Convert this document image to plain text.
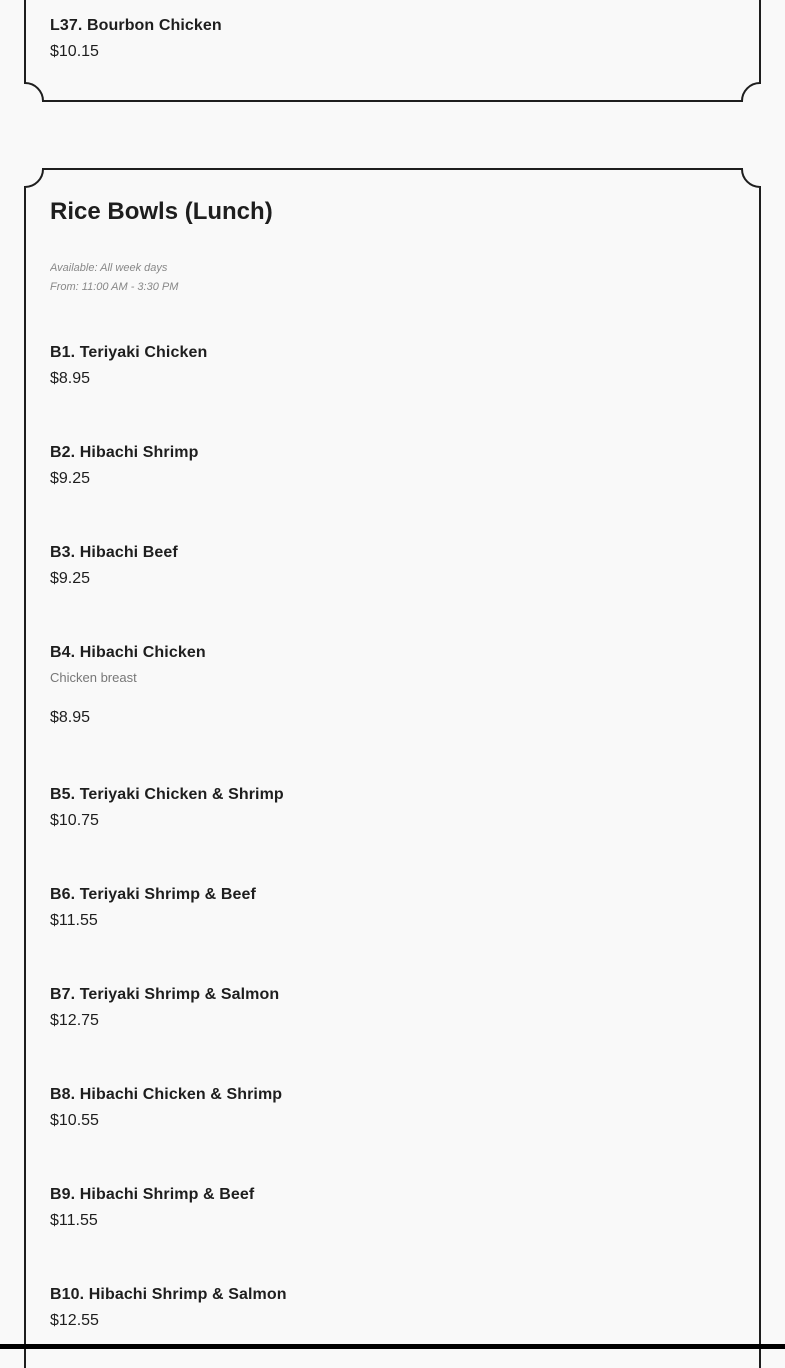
L37. Bourbon Chicken
$10.15
Rice Bowls (Lunch)
Available: All week days
From: 11:00 AM - 3:30 PM
B1. Teriyaki Chicken
$8.95
B2. Hibachi Shrimp
$9.25
B3. Hibachi Beef
$9.25
B4. Hibachi Chicken
Chicken breast
$8.95
B5. Teriyaki Chicken & Shrimp
$10.75
B6. Teriyaki Shrimp & Beef
$11.55
B7. Teriyaki Shrimp & Salmon
$12.75
B8. Hibachi Chicken & Shrimp
$10.55
B9. Hibachi Shrimp & Beef
$11.55
B10. Hibachi Shrimp & Salmon
$12.55
